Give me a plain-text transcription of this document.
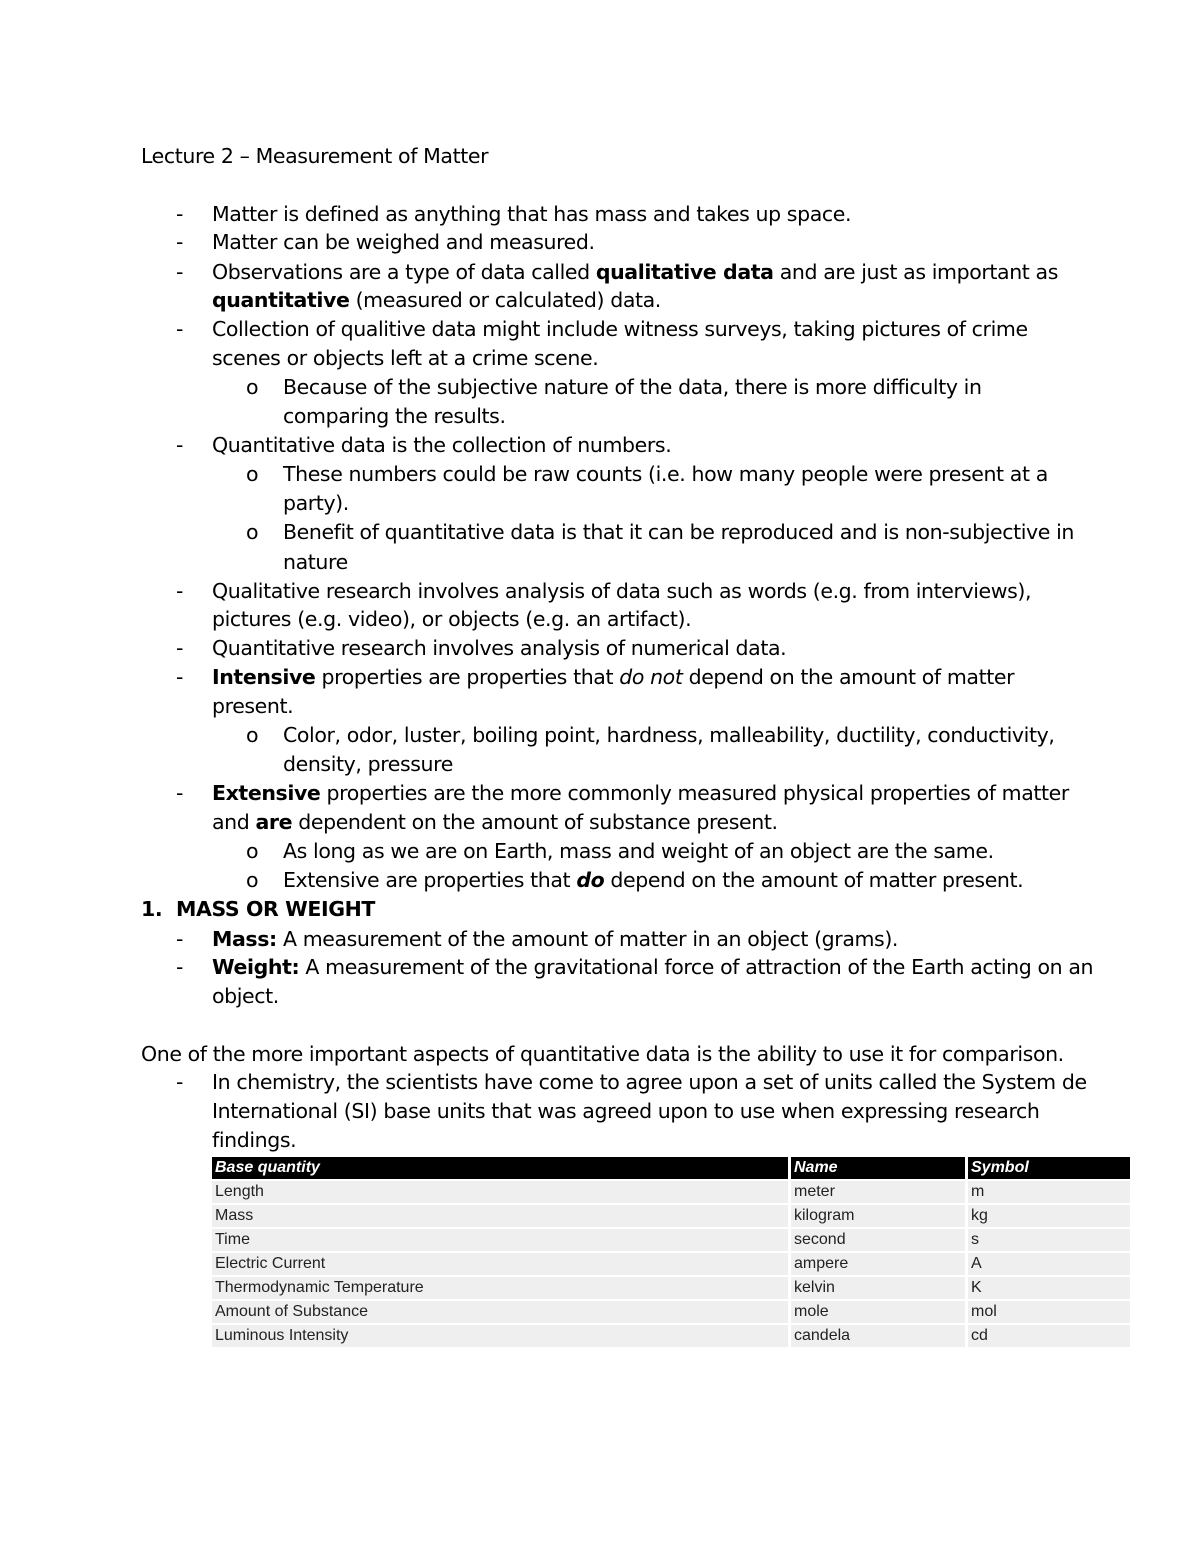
Lecture 2 – Measurement of Matter
- Matter is defined as anything that has mass and takes up space.
- Matter can be weighed and measured.
- Observations are a type of data called qualitative data and are just as important as
quantitative (measured or calculated) data.
- Collection of qualitive data might include witness surveys, taking pictures of crime
scenes or objects left at a crime scene.
o Because of the subjective nature of the data, there is more difficulty in
comparing the results.
- Quantitative data is the collection of numbers.
o These numbers could be raw counts (i.e. how many people were present at a
party).
o Benefit of quantitative data is that it can be reproduced and is non-subjective in
nature
- Qualitative research involves analysis of data such as words (e.g. from interviews),
pictures (e.g. video), or objects (e.g. an artifact).
- Quantitative research involves analysis of numerical data.
- Intensive properties are properties that do not depend on the amount of matter
present.
o Color, odor, luster, boiling point, hardness, malleability, ductility, conductivity,
density, pressure
- Extensive properties are the more commonly measured physical properties of matter
and are dependent on the amount of substance present.
o As long as we are on Earth, mass and weight of an object are the same.
o Extensive are properties that do depend on the amount of matter present.
1. MASS OR WEIGHT
- Mass: A measurement of the amount of matter in an object (grams).
- Weight: A measurement of the gravitational force of attraction of the Earth acting on an
object.
One of the more important aspects of quantitative data is the ability to use it for comparison.
- In chemistry, the scientists have come to agree upon a set of units called the System de
International (SI) base units that was agreed upon to use when expressing research
findings.
Base quantity	Name	Symbol
Length	meter	m
Mass	kilogram	kg
Time	second	s
Electric Current	ampere	A
Thermodynamic Temperature	kelvin	K
Amount of Substance	mole	mol
Luminous Intensity	candela	cd
